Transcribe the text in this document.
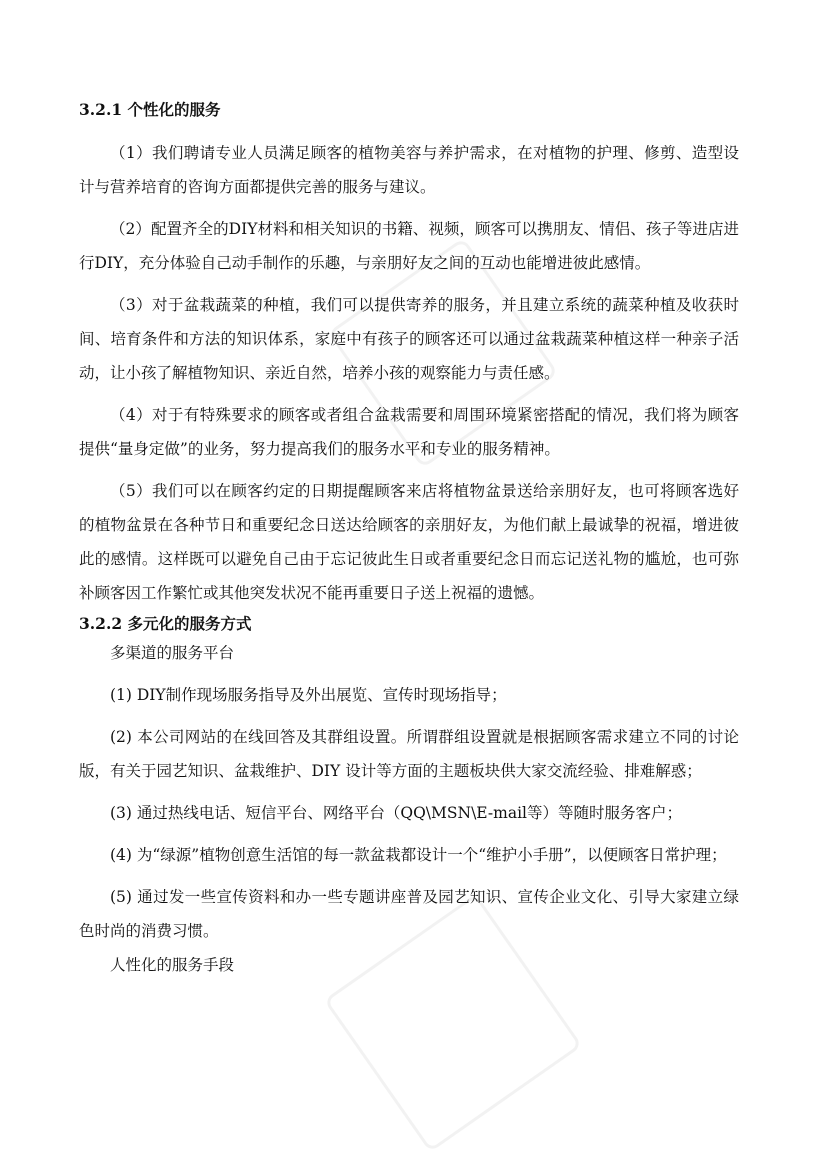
3.2.1 个性化的服务

（1）我们聘请专业人员满足顾客的植物美容与养护需求，在对植物的护理、修剪、造型设计与营养培育的咨询方面都提供完善的服务与建议。

（2）配置齐全的DIY材料和相关知识的书籍、视频，顾客可以携朋友、情侣、孩子等进店进行DIY，充分体验自己动手制作的乐趣，与亲朋好友之间的互动也能增进彼此感情。

（3）对于盆栽蔬菜的种植，我们可以提供寄养的服务，并且建立系统的蔬菜种植及收获时间、培育条件和方法的知识体系，家庭中有孩子的顾客还可以通过盆栽蔬菜种植这样一种亲子活动，让小孩了解植物知识、亲近自然，培养小孩的观察能力与责任感。

（4）对于有特殊要求的顾客或者组合盆栽需要和周围环境紧密搭配的情况，我们将为顾客提供“量身定做”的业务，努力提高我们的服务水平和专业的服务精神。

（5）我们可以在顾客约定的日期提醒顾客来店将植物盆景送给亲朋好友，也可将顾客选好的植物盆景在各种节日和重要纪念日送达给顾客的亲朋好友，为他们献上最诚挚的祝福，增进彼此的感情。这样既可以避免自己由于忘记彼此生日或者重要纪念日而忘记送礼物的尴尬，也可弥补顾客因工作繁忙或其他突发状况不能再重要日子送上祝福的遗憾。

3.2.2 多元化的服务方式

多渠道的服务平台

(1) DIY制作现场服务指导及外出展览、宣传时现场指导；

(2) 本公司网站的在线回答及其群组设置。所谓群组设置就是根据顾客需求建立不同的讨论版，有关于园艺知识、盆栽维护、DIY 设计等方面的主题板块供大家交流经验、排难解惑；

(3) 通过热线电话、短信平台、网络平台（QQ\MSN\E-mail等）等随时服务客户；

(4) 为“绿源”植物创意生活馆的每一款盆栽都设计一个“维护小手册”，以便顾客日常护理；

(5) 通过发一些宣传资料和办一些专题讲座普及园艺知识、宣传企业文化、引导大家建立绿色时尚的消费习惯。

人性化的服务手段
